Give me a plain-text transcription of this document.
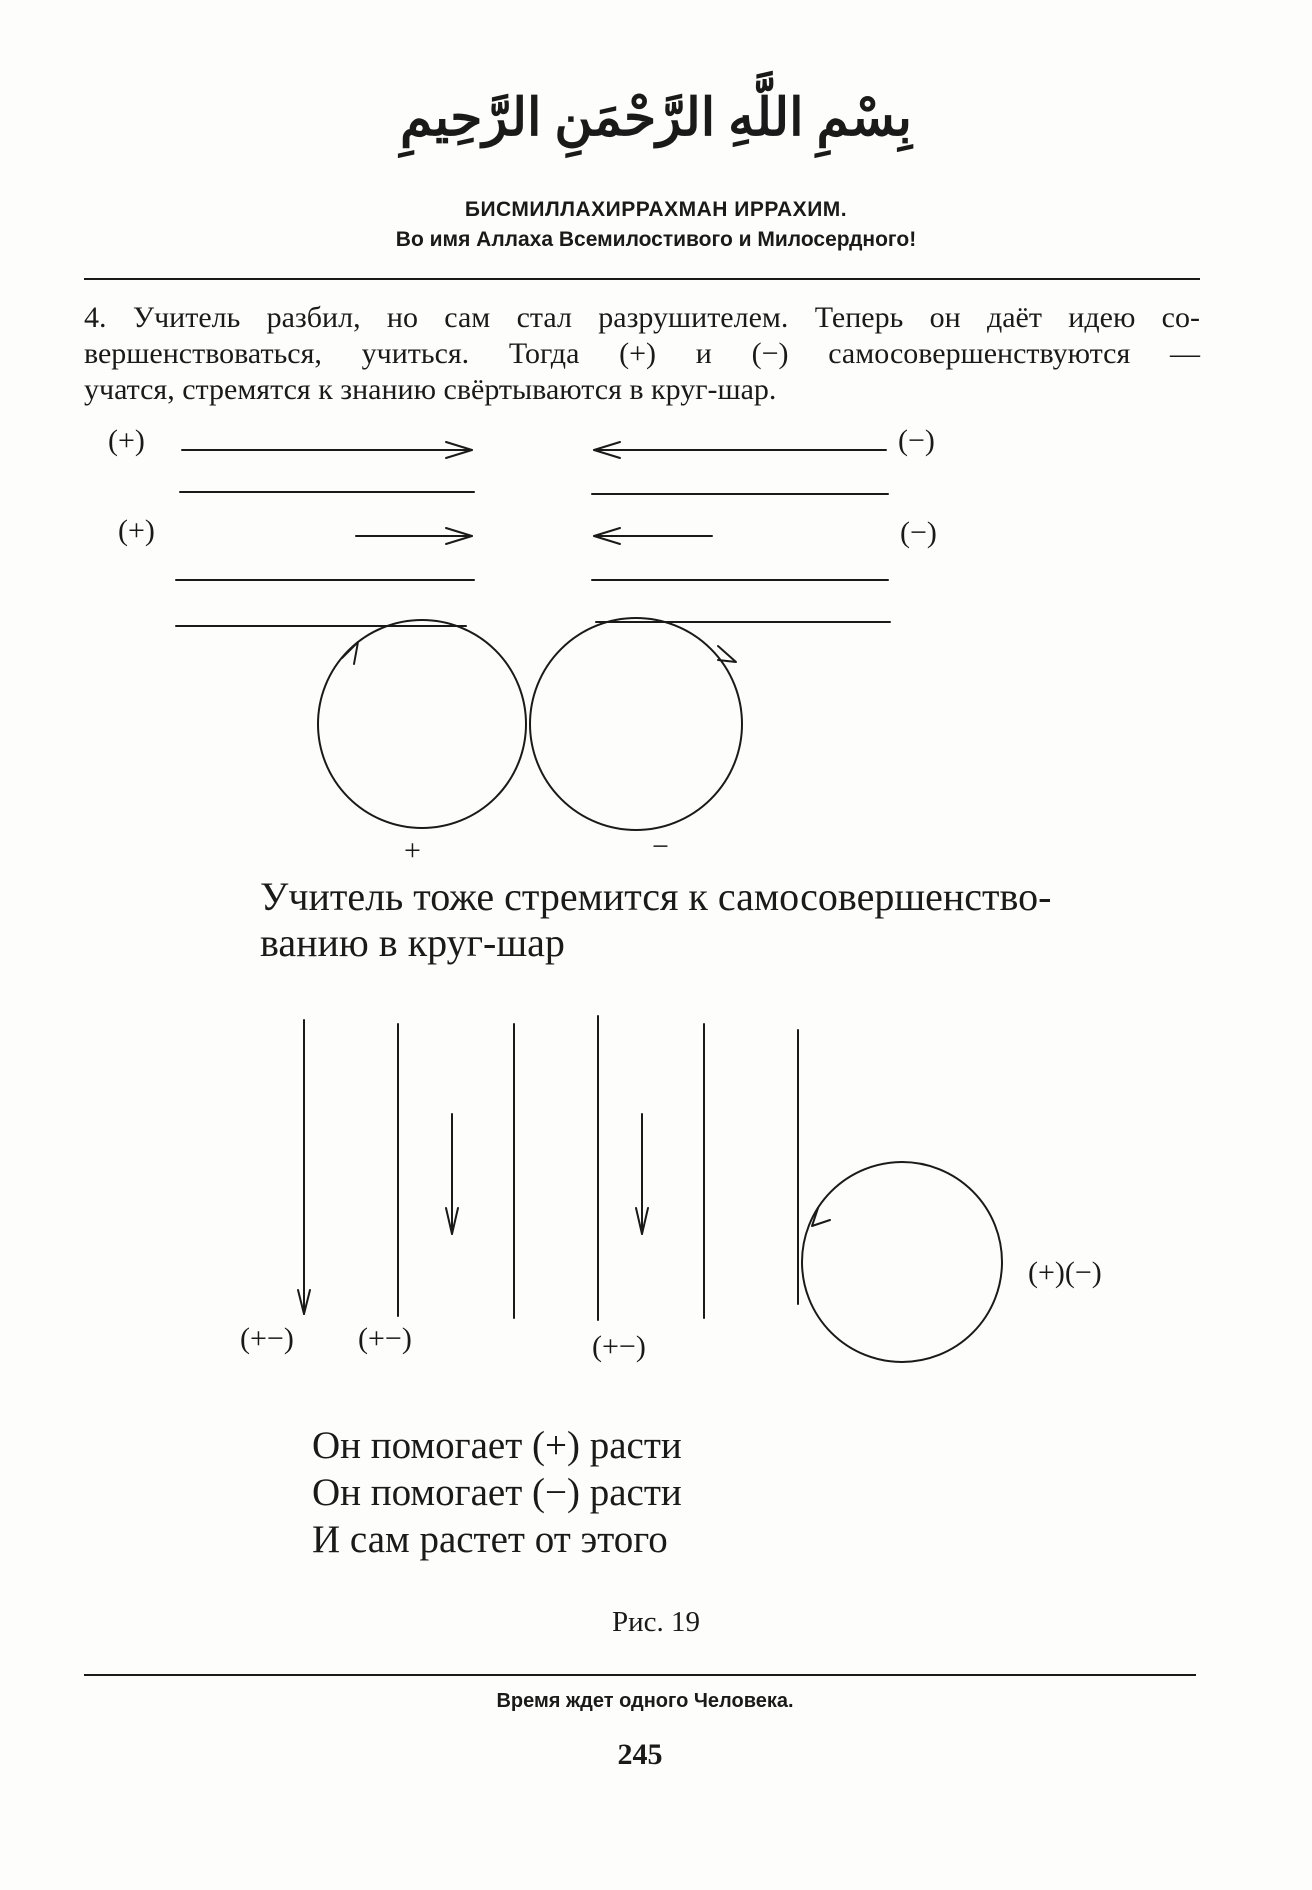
بِسْمِ اللَّهِ الرَّحْمَنِ الرَّحِيمِ
БИСМИЛЛАХИРРАХМАН ИРРАХИМ.
Во имя Аллаха Всемилостивого и Милосердного!
4. Учитель разбил, но сам стал разрушителем. Теперь он даёт идею со-
вершенствоваться, учиться. Тогда (+) и (−) самосовершенствуются —
учатся, стремятся к знанию свёртываются в круг-шар.
(+)	(−)
(+)	(−)
+	−
Учитель тоже стремится к самосовершенство-
ванию в круг-шар
(+−) (+−)	(+−)
(+)(−)
Он помогает (+) расти
Он помогает (−) расти
И сам растет от этого
Рис. 19
Время ждет одного Человека.
245
